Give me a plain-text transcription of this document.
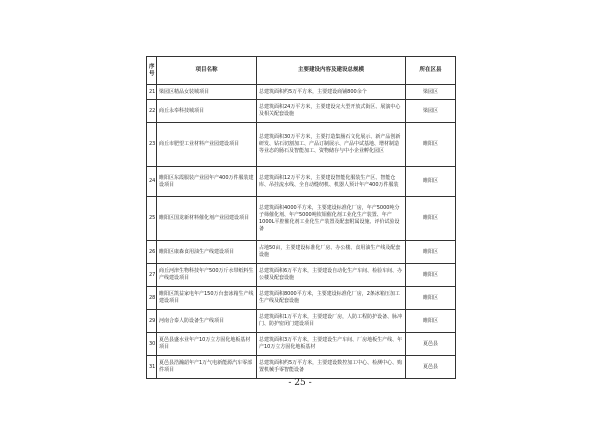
序号	项目名称	主要建设内容及建设总规模	所在区县
21	梁园区精品女装城项目	总建筑面积约5万平方米，主要建设商铺800余个	梁园区
22	商丘永奉科技城项目	总建筑面积24万平方米，主要建设完大型开放式街区、展演中心及相关配套设施	梁园区
23	商丘市肥望工业材料产业园建设项目	总建筑面积30万平方米，主要打造集肠石文化展示、新产品创新研发、钻石切割加工、产品订制展示、产品中试基地、增材制造等业态的肠石及智能加工、资物储存与中小企业孵化园区	睢阳区
24	睢阳区东霞服装产业园年产400万件服装建设项目	总建筑面积12万平方米，主要建设智能化服装生产区、智能仓库、吊挂流水线、全自动缝纫机、机器人预计年产400万件服装	睢阳区
25	睢阳区国龙新材料催化剂产业园建设项目	总建筑面积4000平方米，主要建设标准化厂房，年产5000吨分子筛催化剂、年产5000吨钦钼催化剂工业化生产装置、年产1000L平腔催化剂工业化生产装置及配套附属设施、评价试验设备	睢阳区
26	睢阳区康森食用油生产线建设项目	占地50亩，主要建设标准化厂房、办公楼、食用油生产线及配套设施	睢阳区
27	商丘河津生物科技年产500万斤水带纸料生产线建设项目	总建筑面积6万平方米，主要建设自动化生产车间、检验车间、办公楼及配套设施	睢阳区
28	睢阳区凯益家电年产150万台套冰箱生产线建设项目	总建筑面积8000平方米，主要建设标准化厂房，2条冰箱压加工生产线及配套设施	睢阳区
29	河南合泰人防设备生产线项目	总建筑面积1万平方米，主要建设厂房，人防工程防护设备、脉冲门、防护密闭门建设项目	睢阳区
30	夏邑县盛水业年产10万立方固化地板基材项目	总建筑面积3万平方米，主要建设生产车间、厂房地板生产线、年产10万立方固化地板基材	夏邑县
31	夏邑县浩瀚韶年产1万气电新能源汽车零部件项目	总建筑面积约5万平方米，主要建设数控加工中心、检测中心、购置机械手零智能设备	夏邑县
- 25 -
